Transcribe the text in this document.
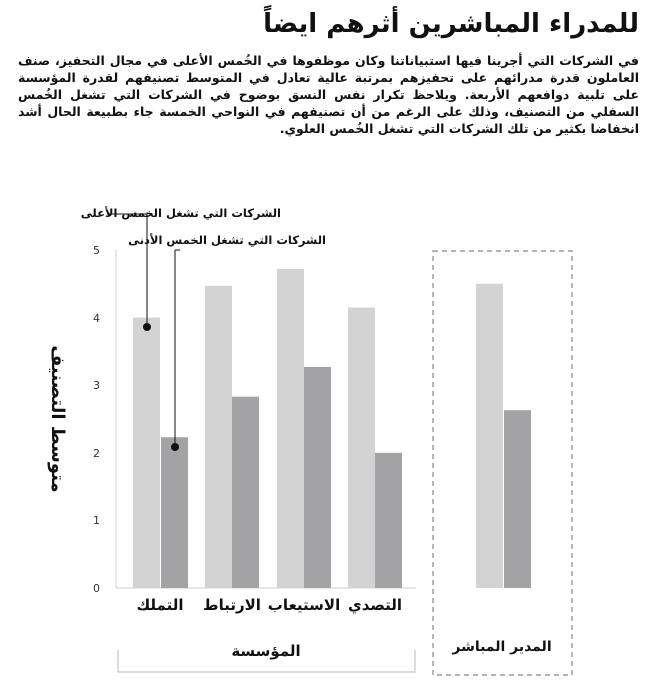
للمدراء المباشرين أثرهم ايضاً
في الشركات التي أجرينا فيها استبياناتنا وكان موظفوها في الخُمس الأعلى في مجال التحفيز، صنف العاملون قدرة مدرائهم على تحفيزهم بمرتبة عالية تعادل في المتوسط تصنيفهم لقدرة المؤسسة على تلبية دوافعهم الأربعة. ويلاحظ تكرار نفس النسق بوضوح في الشركات التي تشغل الخُمس السفلي من التصنيف، وذلك على الرغم من أن تصنيفهم في النواحي الخمسة جاء بطبيعة الحال أشد انخفاضا بكثير من تلك الشركات التي تشغل الخُمس العلوي.
متوسط التصنيف
0
1
2
3
4
5
التملك الارتباط الاستيعاب التصدي
المؤسسة	المدير المباشر
الشركات التي تشغل الخمس الأعلى
الشركات التي تشغل الخمس الأدنى
